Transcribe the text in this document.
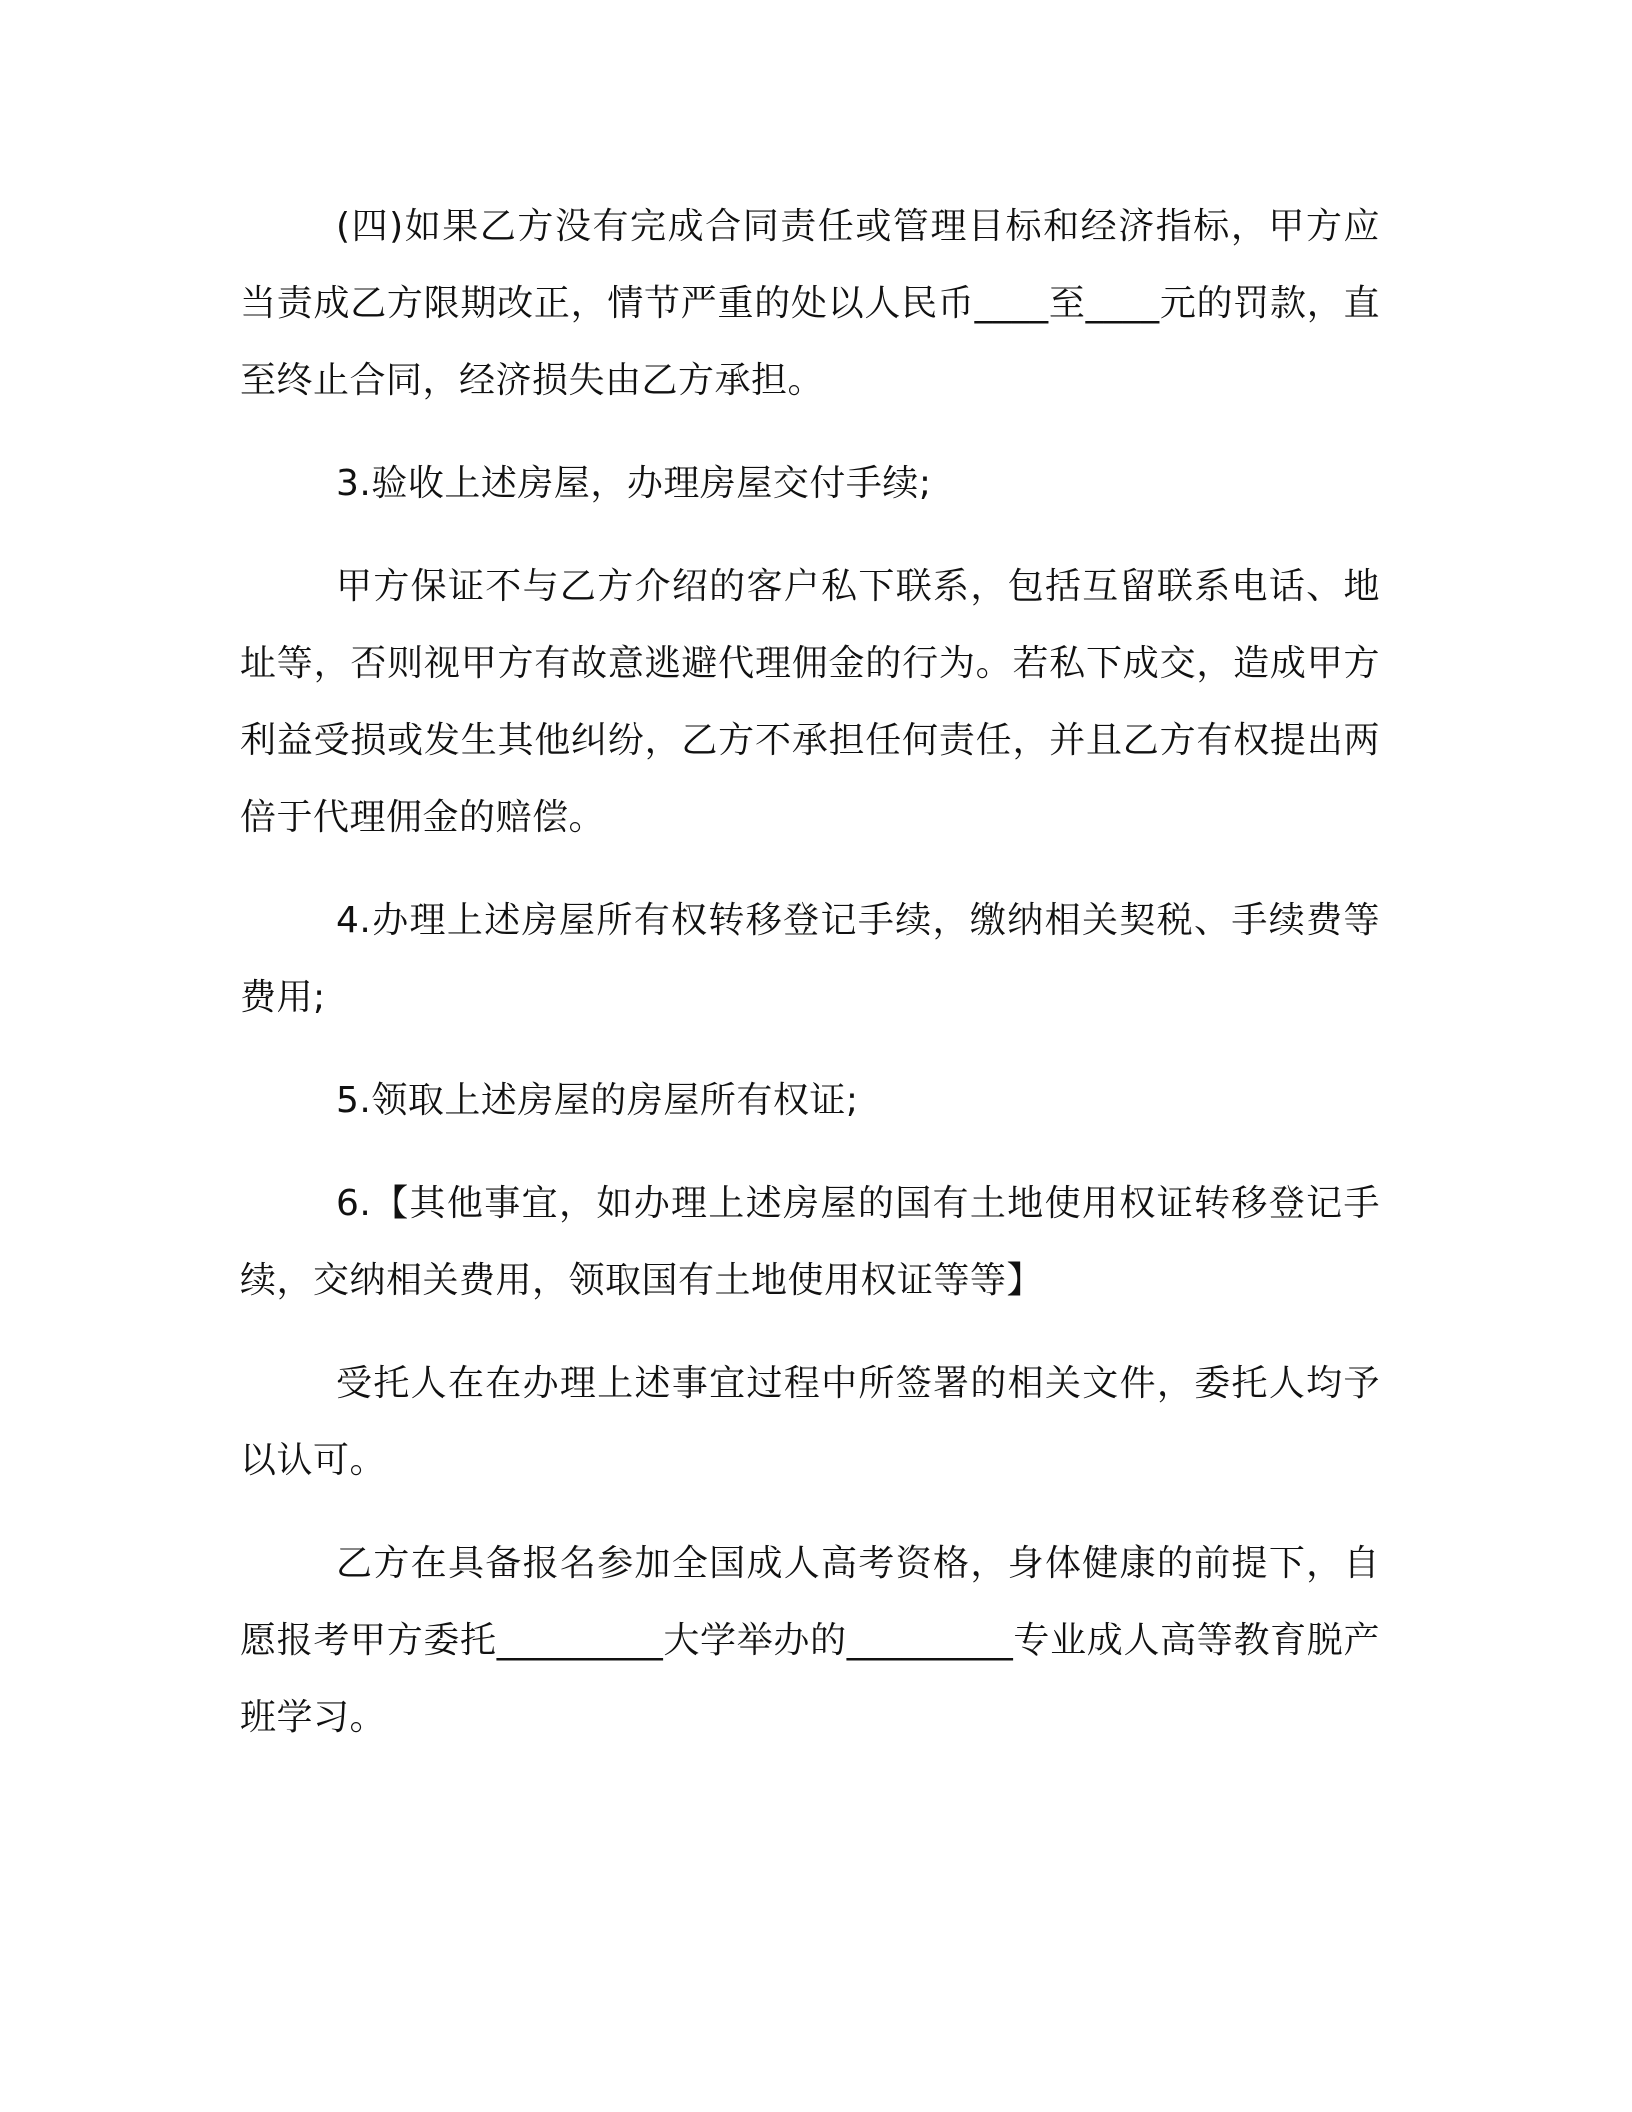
(四)如果乙方没有完成合同责任或管理目标和经济指标，甲方应当责成乙方限期改正，情节严重的处以人民币____至____元的罚款，直至终止合同，经济损失由乙方承担。

3.验收上述房屋，办理房屋交付手续;

甲方保证不与乙方介绍的客户私下联系，包括互留联系电话、地址等，否则视甲方有故意逃避代理佣金的行为。若私下成交，造成甲方利益受损或发生其他纠纷，乙方不承担任何责任，并且乙方有权提出两倍于代理佣金的赔偿。

4.办理上述房屋所有权转移登记手续，缴纳相关契税、手续费等费用;

5.领取上述房屋的房屋所有权证;

6.【其他事宜，如办理上述房屋的国有土地使用权证转移登记手续，交纳相关费用，领取国有土地使用权证等等】

受托人在在办理上述事宜过程中所签署的相关文件，委托人均予以认可。

乙方在具备报名参加全国成人高考资格，身体健康的前提下，自愿报考甲方委托_________大学举办的_________专业成人高等教育脱产班学习。
